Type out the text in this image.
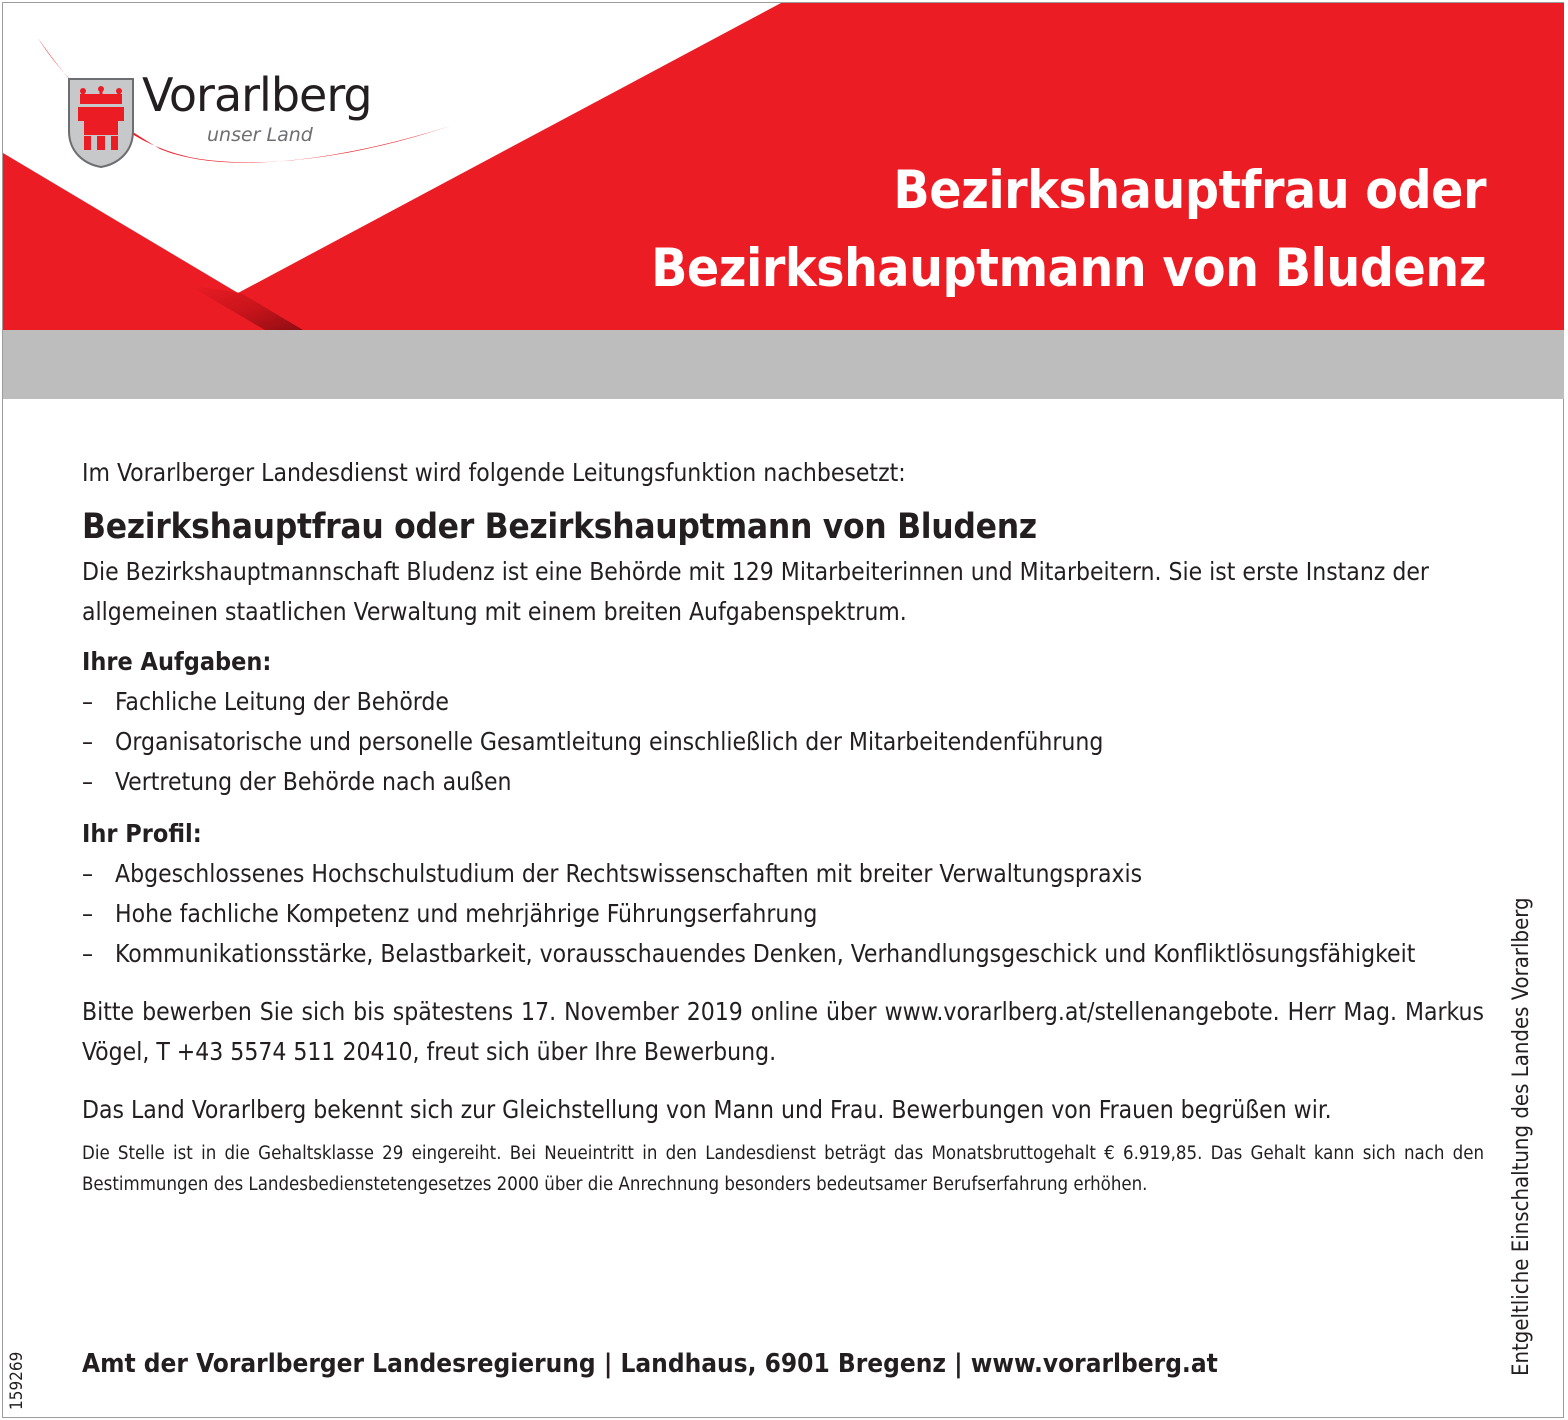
Vorarlberg
unser Land
Bezirkshauptfrau oder
Bezirkshauptmann von Bludenz

Im Vorarlberger Landesdienst wird folgende Leitungsfunktion nachbesetzt:

Bezirkshauptfrau oder Bezirkshauptmann von Bludenz

Die Bezirkshauptmannschaft Bludenz ist eine Behörde mit 129 Mitarbeiterinnen und Mitarbeitern. Sie ist erste Instanz der allgemeinen staatlichen Verwaltung mit einem breiten Aufgabenspektrum.

Ihre Aufgaben:

– Fachliche Leitung der Behörde
– Organisatorische und personelle Gesamtleitung einschließlich der Mitarbeitendenführung
– Vertretung der Behörde nach außen

Ihr Profil:

– Abgeschlossenes Hochschulstudium der Rechtswissenschaften mit breiter Verwaltungspraxis
– Hohe fachliche Kompetenz und mehrjährige Führungserfahrung
– Kommunikationsstärke, Belastbarkeit, vorausschauendes Denken, Verhandlungsgeschick und Konfliktlösungsfähigkeit

Bitte bewerben Sie sich bis spätestens 17. November 2019 online über www.vorarlberg.at/stellenangebote. Herr Mag. Markus Vögel, T +43 5574 511 20410, freut sich über Ihre Bewerbung.

Das Land Vorarlberg bekennt sich zur Gleichstellung von Mann und Frau. Bewerbungen von Frauen begrüßen wir.

Die Stelle ist in die Gehaltsklasse 29 eingereiht. Bei Neueintritt in den Landesdienst beträgt das Monatsbruttogehalt € 6.919,85. Das Gehalt kann sich nach den Bestimmungen des Landesbedienstetengesetzes 2000 über die Anrechnung besonders bedeutsamer Berufserfahrung erhöhen.

Amt der Vorarlberger Landesregierung | Landhaus, 6901 Bregenz | www.vorarlberg.at	Entgeltliche Einschaltung des Landes Vorarlberg
159269
